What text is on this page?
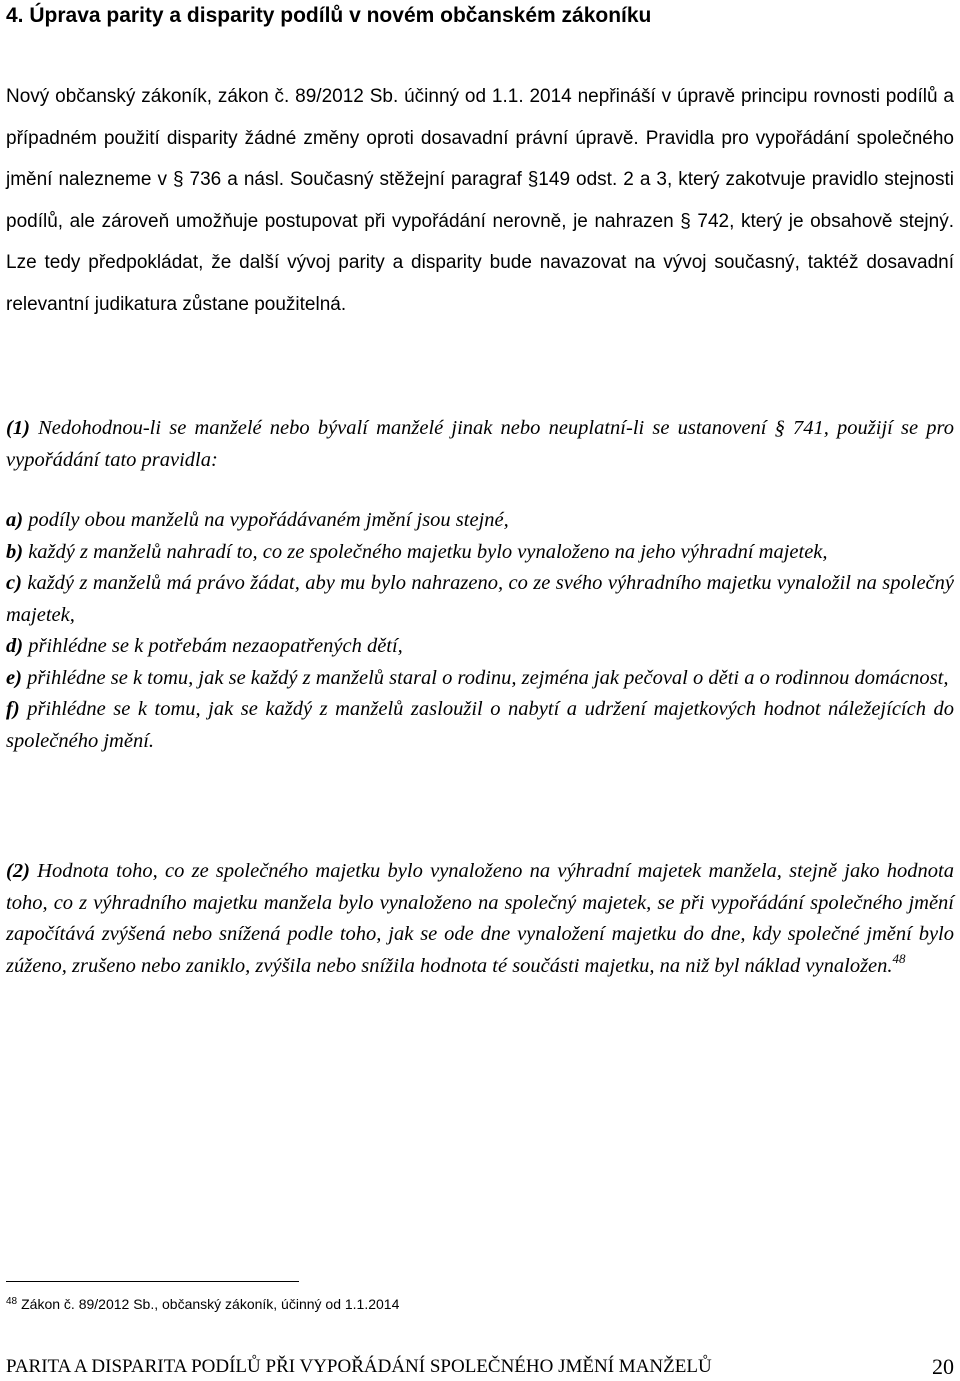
4. Úprava parity a disparity podílů v novém občanském zákoníku

Nový občanský zákoník, zákon č. 89/2012 Sb. účinný od 1.1. 2014 nepřináší v úpravě principu rovnosti podílů a případném použití disparity žádné změny oproti dosavadní právní úpravě. Pravidla pro vypořádání společného jmění nalezneme v § 736 a násl. Současný stěžejní paragraf §149 odst. 2 a 3, který zakotvuje pravidlo stejnosti podílů, ale zároveň umožňuje postupovat při vypořádání nerovně, je nahrazen § 742, který je obsahově stejný. Lze tedy předpokládat, že další vývoj parity a disparity bude navazovat na vývoj současný, taktéž dosavadní relevantní judikatura zůstane použitelná.

(1) Nedohodnou-li se manželé nebo bývalí manželé jinak nebo neuplatní-li se ustanovení § 741, použijí se pro vypořádání tato pravidla:

a) podíly obou manželů na vypořádávaném jmění jsou stejné,
b) každý z manželů nahradí to, co ze společného majetku bylo vynaloženo na jeho výhradní majetek,
c) každý z manželů má právo žádat, aby mu bylo nahrazeno, co ze svého výhradního majetku vynaložil na společný majetek,
d) přihlédne se k potřebám nezaopatřených dětí,
e) přihlédne se k tomu, jak se každý z manželů staral o rodinu, zejména jak pečoval o děti a o rodinnou domácnost,
f) přihlédne se k tomu, jak se každý z manželů zasloužil o nabytí a udržení majetkových hodnot náležejících do společného jmění.

(2) Hodnota toho, co ze společného majetku bylo vynaloženo na výhradní majetek manžela, stejně jako hodnota toho, co z výhradního majetku manžela bylo vynaloženo na společný majetek, se při vypořádání společného jmění započítává zvýšená nebo snížená podle toho, jak se ode dne vynaložení majetku do dne, kdy společné jmění bylo zúženo, zrušeno nebo zaniklo, zvýšila nebo snížila hodnota té součásti majetku, na niž byl náklad vynaložen.$^{48}$

$^{48}$ Zákon č. 89/2012 Sb., občanský zákoník, účinný od 1.1.2014

PARITA A DISPARITA PODÍLŮ PŘI VYPOŘÁDÁNÍ SPOLEČNÉHO JMĚNÍ MANŽELŮ	20
